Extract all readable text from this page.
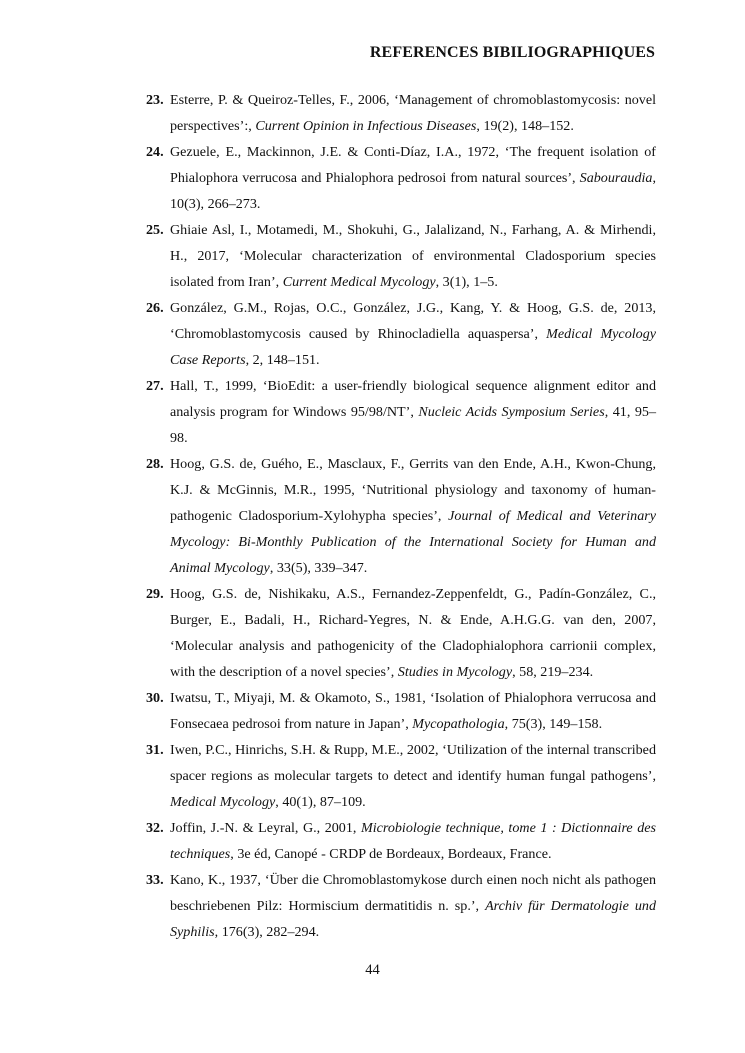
REFERENCES BIBILIOGRAPHIQUES
23. Esterre, P. & Queiroz-Telles, F., 2006, ‘Management of chromoblastomycosis: novel perspectives’:, Current Opinion in Infectious Diseases, 19(2), 148–152.
24. Gezuele, E., Mackinnon, J.E. & Conti-Díaz, I.A., 1972, ‘The frequent isolation of Phialophora verrucosa and Phialophora pedrosoi from natural sources’, Sabouraudia, 10(3), 266–273.
25. Ghiaie Asl, I., Motamedi, M., Shokuhi, G., Jalalizand, N., Farhang, A. & Mirhendi, H., 2017, ‘Molecular characterization of environmental Cladosporium species isolated from Iran’, Current Medical Mycology, 3(1), 1–5.
26. González, G.M., Rojas, O.C., González, J.G., Kang, Y. & Hoog, G.S. de, 2013, ‘Chromoblastomycosis caused by Rhinocladiella aquaspersa’, Medical Mycology Case Reports, 2, 148–151.
27. Hall, T., 1999, ‘BioEdit: a user-friendly biological sequence alignment editor and analysis program for Windows 95/98/NT’, Nucleic Acids Symposium Series, 41, 95–98.
28. Hoog, G.S. de, Guého, E., Masclaux, F., Gerrits van den Ende, A.H., Kwon-Chung, K.J. & McGinnis, M.R., 1995, ‘Nutritional physiology and taxonomy of human-pathogenic Cladosporium-Xylohypha species’, Journal of Medical and Veterinary Mycology: Bi-Monthly Publication of the International Society for Human and Animal Mycology, 33(5), 339–347.
29. Hoog, G.S. de, Nishikaku, A.S., Fernandez-Zeppenfeldt, G., Padín-González, C., Burger, E., Badali, H., Richard-Yegres, N. & Ende, A.H.G.G. van den, 2007, ‘Molecular analysis and pathogenicity of the Cladophialophora carrionii complex, with the description of a novel species’, Studies in Mycology, 58, 219–234.
30. Iwatsu, T., Miyaji, M. & Okamoto, S., 1981, ‘Isolation of Phialophora verrucosa and Fonsecaea pedrosoi from nature in Japan’, Mycopathologia, 75(3), 149–158.
31. Iwen, P.C., Hinrichs, S.H. & Rupp, M.E., 2002, ‘Utilization of the internal transcribed spacer regions as molecular targets to detect and identify human fungal pathogens’, Medical Mycology, 40(1), 87–109.
32. Joffin, J.-N. & Leyral, G., 2001, Microbiologie technique, tome 1 : Dictionnaire des techniques, 3e éd, Canopé - CRDP de Bordeaux, Bordeaux, France.
33. Kano, K., 1937, ‘Über die Chromoblastomykose durch einen noch nicht als pathogen beschriebenen Pilz: Hormiscium dermatitidis n. sp.’, Archiv für Dermatologie und Syphilis, 176(3), 282–294.
44
